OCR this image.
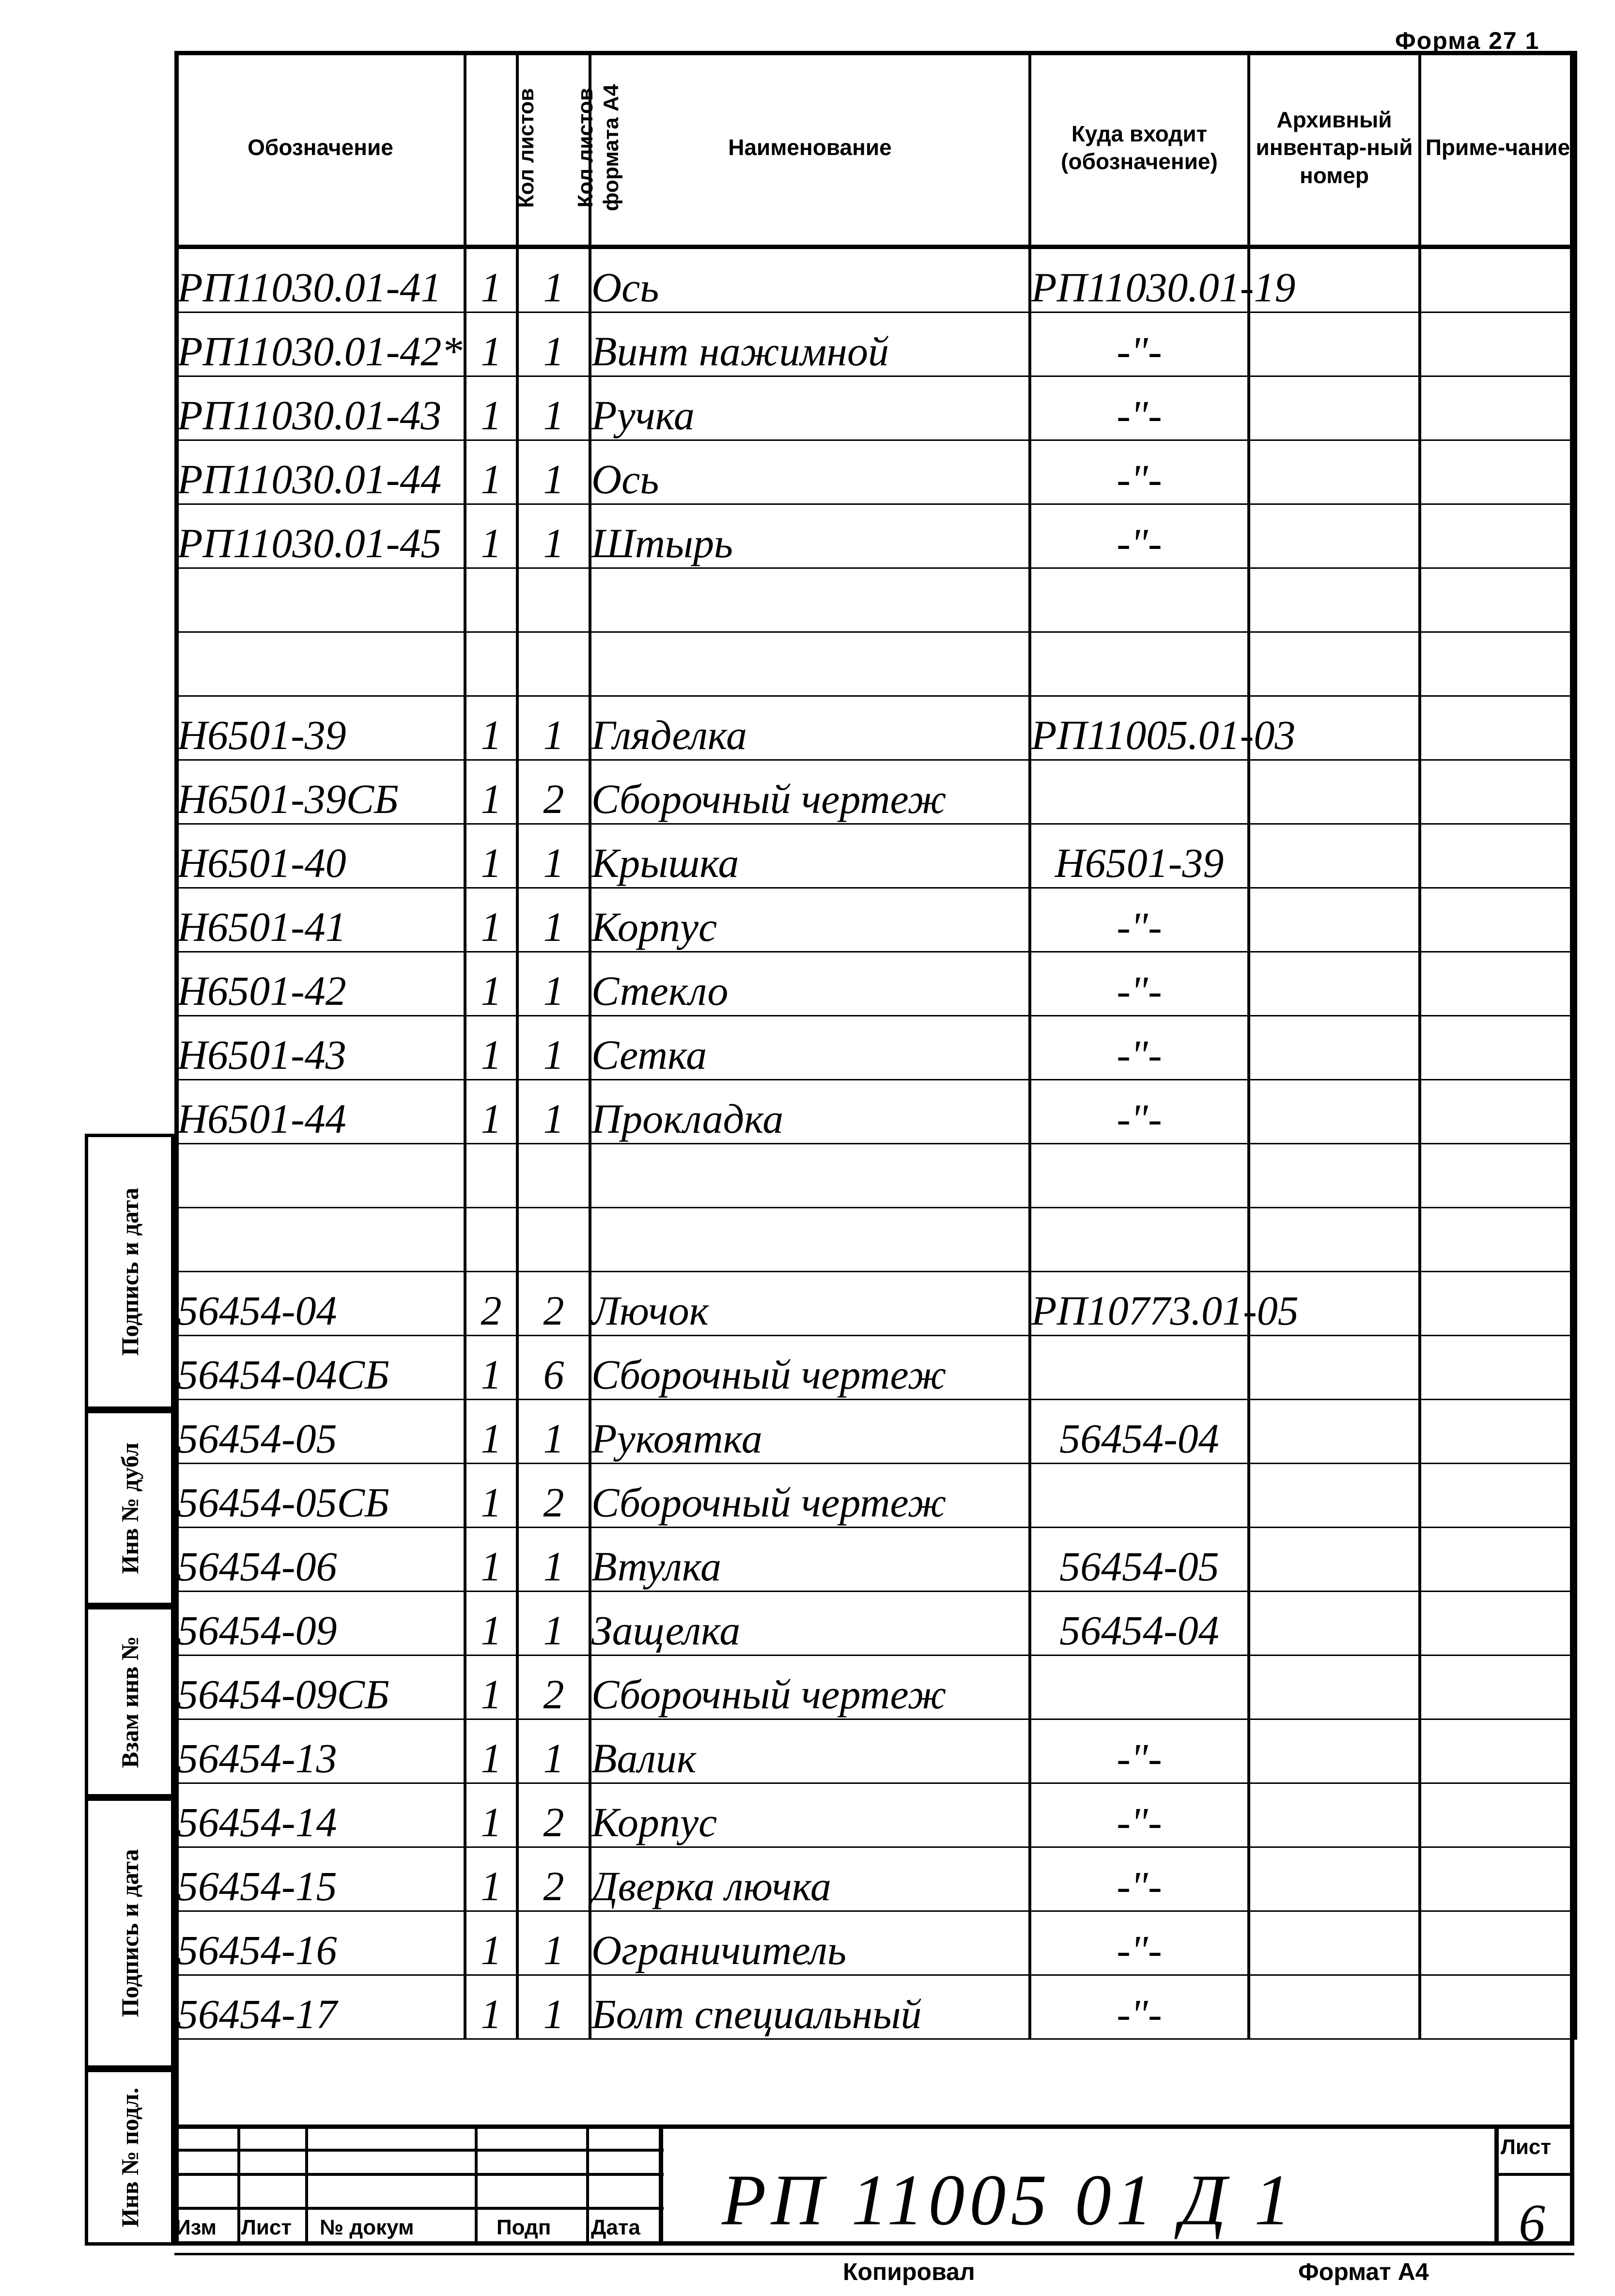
Форма 27 1
Обозначение	Кол листов	Кол листов формата А4	Наименование	Куда входит (обозначение)	Архивный инвентар-ный номер	Приме-чание
РП11030.01-41	1	1	Ось	РП11030.01-19		
РП11030.01-42*	1	1	Винт нажимной	-"-		
РП11030.01-43	1	1	Ручка	-"-		
РП11030.01-44	1	1	Ось	-"-		
РП11030.01-45	1	1	Штырь	-"-		

Н6501-39	1	1	Гляделка	РП11005.01-03		
Н6501-39СБ	1	2	Сборочный чертеж			
Н6501-40	1	1	Крышка	Н6501-39		
Н6501-41	1	1	Корпус	-"-		
Н6501-42	1	1	Стекло	-"-		
Н6501-43	1	1	Сетка	-"-		
Н6501-44	1	1	Прокладка	-"-		

56454-04	2	2	Лючок	РП10773.01-05		
56454-04СБ	1	6	Сборочный чертеж			
56454-05	1	1	Рукоятка	56454-04		
56454-05СБ	1	2	Сборочный чертеж			
56454-06	1	1	Втулка	56454-05		
56454-09	1	1	Защелка	56454-04		
56454-09СБ	1	2	Сборочный чертеж			
56454-13	1	1	Валик	-"-		
56454-14	1	2	Корпус	-"-		
56454-15	1	2	Дверка лючка	-"-		
56454-16	1	1	Ограничитель	-"-		
56454-17	1	1	Болт специальный	-"-		
Изм Лист № докум	Подп Дата
Лист
РП 11005 01 Д 1	6
Подпись и дата
Инв № дубл
Взам инв №
Подпись и дата
Инв № подл.
Копировал	Формат А4
